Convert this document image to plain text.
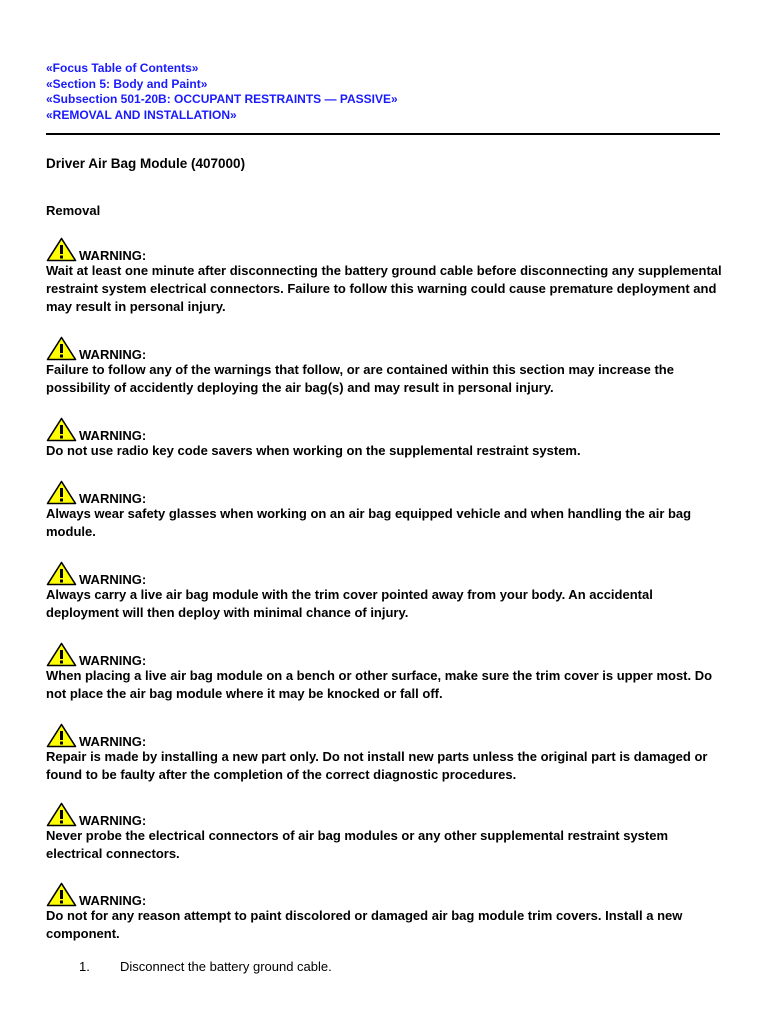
«Focus Table of Contents»
«Section 5: Body and Paint»
«Subsection 501-20B: OCCUPANT RESTRAINTS — PASSIVE»
«REMOVAL AND INSTALLATION»
Driver Air Bag Module (407000)
Removal
WARNING:

Wait at least one minute after disconnecting the battery ground cable before disconnecting any supplemental restraint system electrical connectors. Failure to follow this warning could cause premature deployment and may result in personal injury.

WARNING:

Failure to follow any of the warnings that follow, or are contained within this section may increase the possibility of accidently deploying the air bag(s) and may result in personal injury.

WARNING:

Do not use radio key code savers when working on the supplemental restraint system.

WARNING:

Always wear safety glasses when working on an air bag equipped vehicle and when handling the air bag module.

WARNING:

Always carry a live air bag module with the trim cover pointed away from your body. An accidental deployment will then deploy with minimal chance of injury.

WARNING:

When placing a live air bag module on a bench or other surface, make sure the trim cover is upper most. Do not place the air bag module where it may be knocked or fall off.

WARNING:

Repair is made by installing a new part only. Do not install new parts unless the original part is damaged or found to be faulty after the completion of the correct diagnostic procedures.

WARNING:

Never probe the electrical connectors of air bag modules or any other supplemental restraint system electrical connectors.

WARNING:

Do not for any reason attempt to paint discolored or damaged air bag module trim covers. Install a new component.

1.	Disconnect the battery ground cable.
